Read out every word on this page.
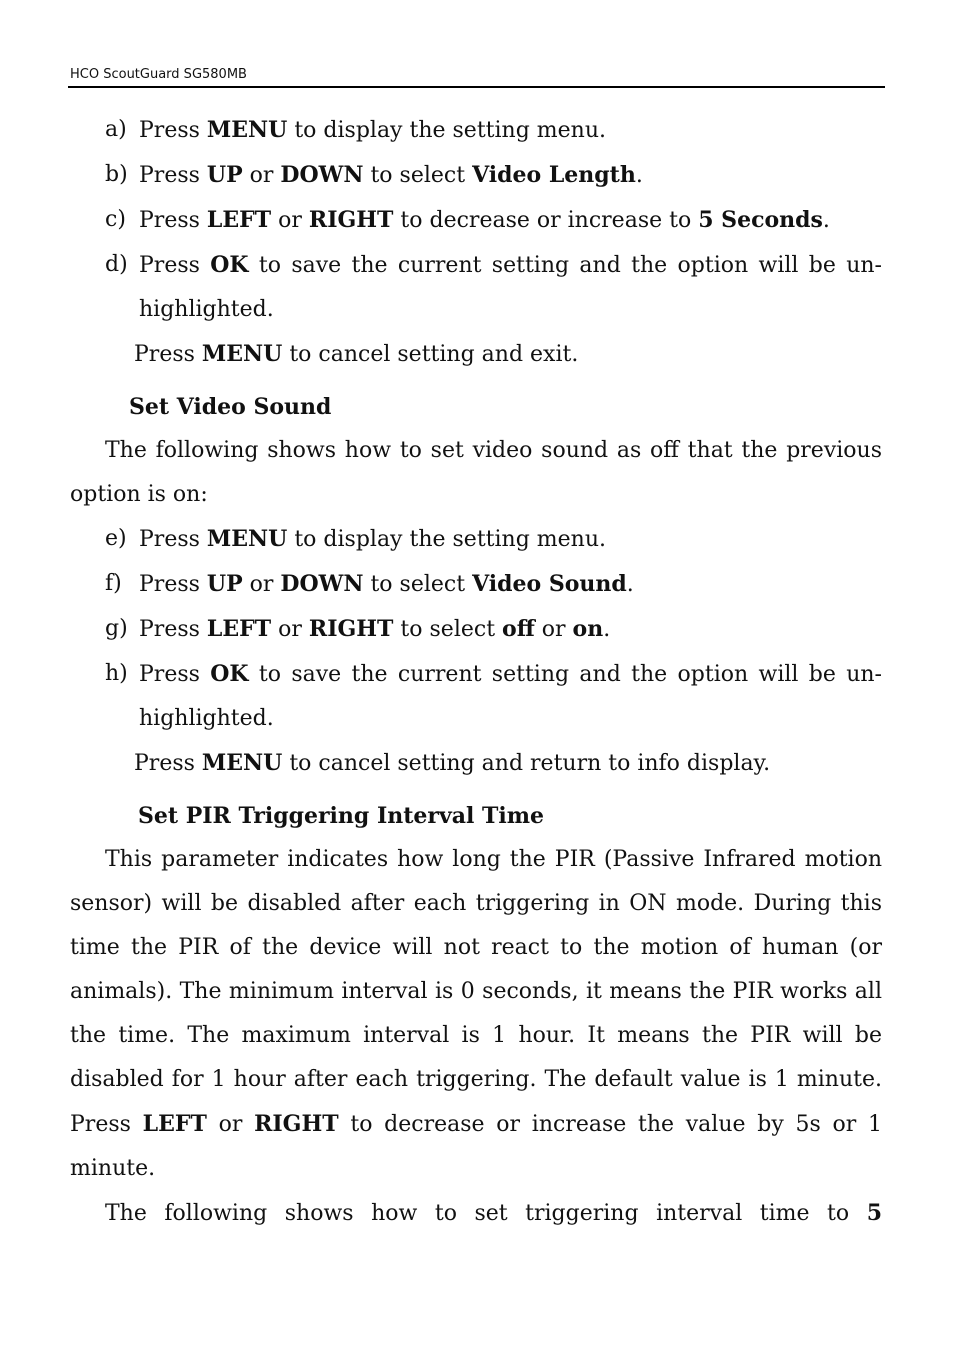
HCO ScoutGuard SG580MB
a) Press MENU to display the setting menu.
b) Press UP or DOWN to select Video Length.
c) Press LEFT or RIGHT to decrease or increase to 5 Seconds.
d) Press OK to save the current setting and the option will be un-highlighted.
Press MENU to cancel setting and exit.
Set Video Sound
The following shows how to set video sound as off that the previous option is on:
e) Press MENU to display the setting menu.
f) Press UP or DOWN to select Video Sound.
g) Press LEFT or RIGHT to select off or on.
h) Press OK to save the current setting and the option will be un-highlighted.
Press MENU to cancel setting and return to info display.
Set PIR Triggering Interval Time
This parameter indicates how long the PIR (Passive Infrared motion sensor) will be disabled after each triggering in ON mode. During this time the PIR of the device will not react to the motion of human (or animals). The minimum interval is 0 seconds, it means the PIR works all the time. The maximum interval is 1 hour. It means the PIR will be disabled for 1 hour after each triggering. The default value is 1 minute. Press LEFT or RIGHT to decrease or increase the value by 5s or 1 minute.
The following shows how to set triggering interval time to 5
